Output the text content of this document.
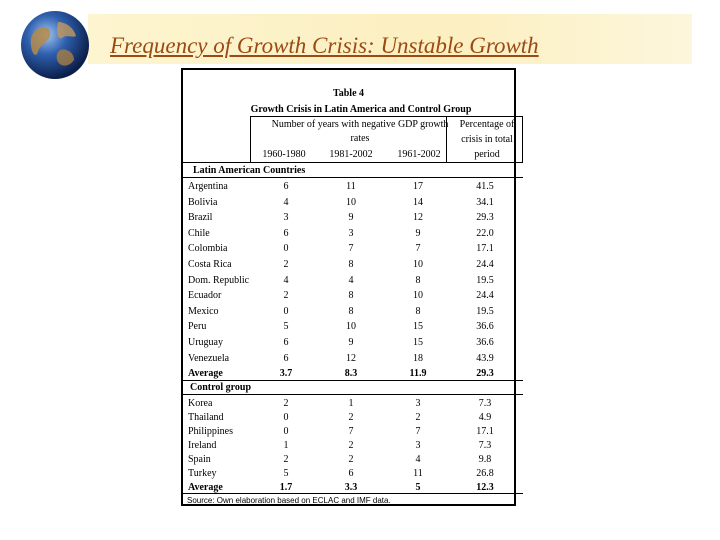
Frequency of Growth Crisis: Unstable Growth
Table 4
Growth Crisis in Latin America and Control Group
Number of years with negative GDP growth rates
Percentage of
crisis in total
period
1960-1980	1981-2002	1961-2002
Latin American Countries
Argentina	6	11	17	41.5
Bolivia	4	10	14	34.1
Brazil	3	9	12	29.3
Chile	6	3	9	22.0
Colombia	0	7	7	17.1
Costa Rica	2	8	10	24.4
Dom. Republic	4	4	8	19.5
Ecuador	2	8	10	24.4
Mexico	0	8	8	19.5
Peru	5	10	15	36.6
Uruguay	6	9	15	36.6
Venezuela	6	12	18	43.9
Average	3.7	8.3	11.9	29.3
Control group
Korea	2	1	3	7.3
Thailand	0	2	2	4.9
Philippines	0	7	7	17.1
Ireland	1	2	3	7.3
Spain	2	2	4	9.8
Turkey	5	6	11	26.8
Average	1.7	3.3	5	12.3
Source: Own elaboration based on ECLAC and IMF data.
